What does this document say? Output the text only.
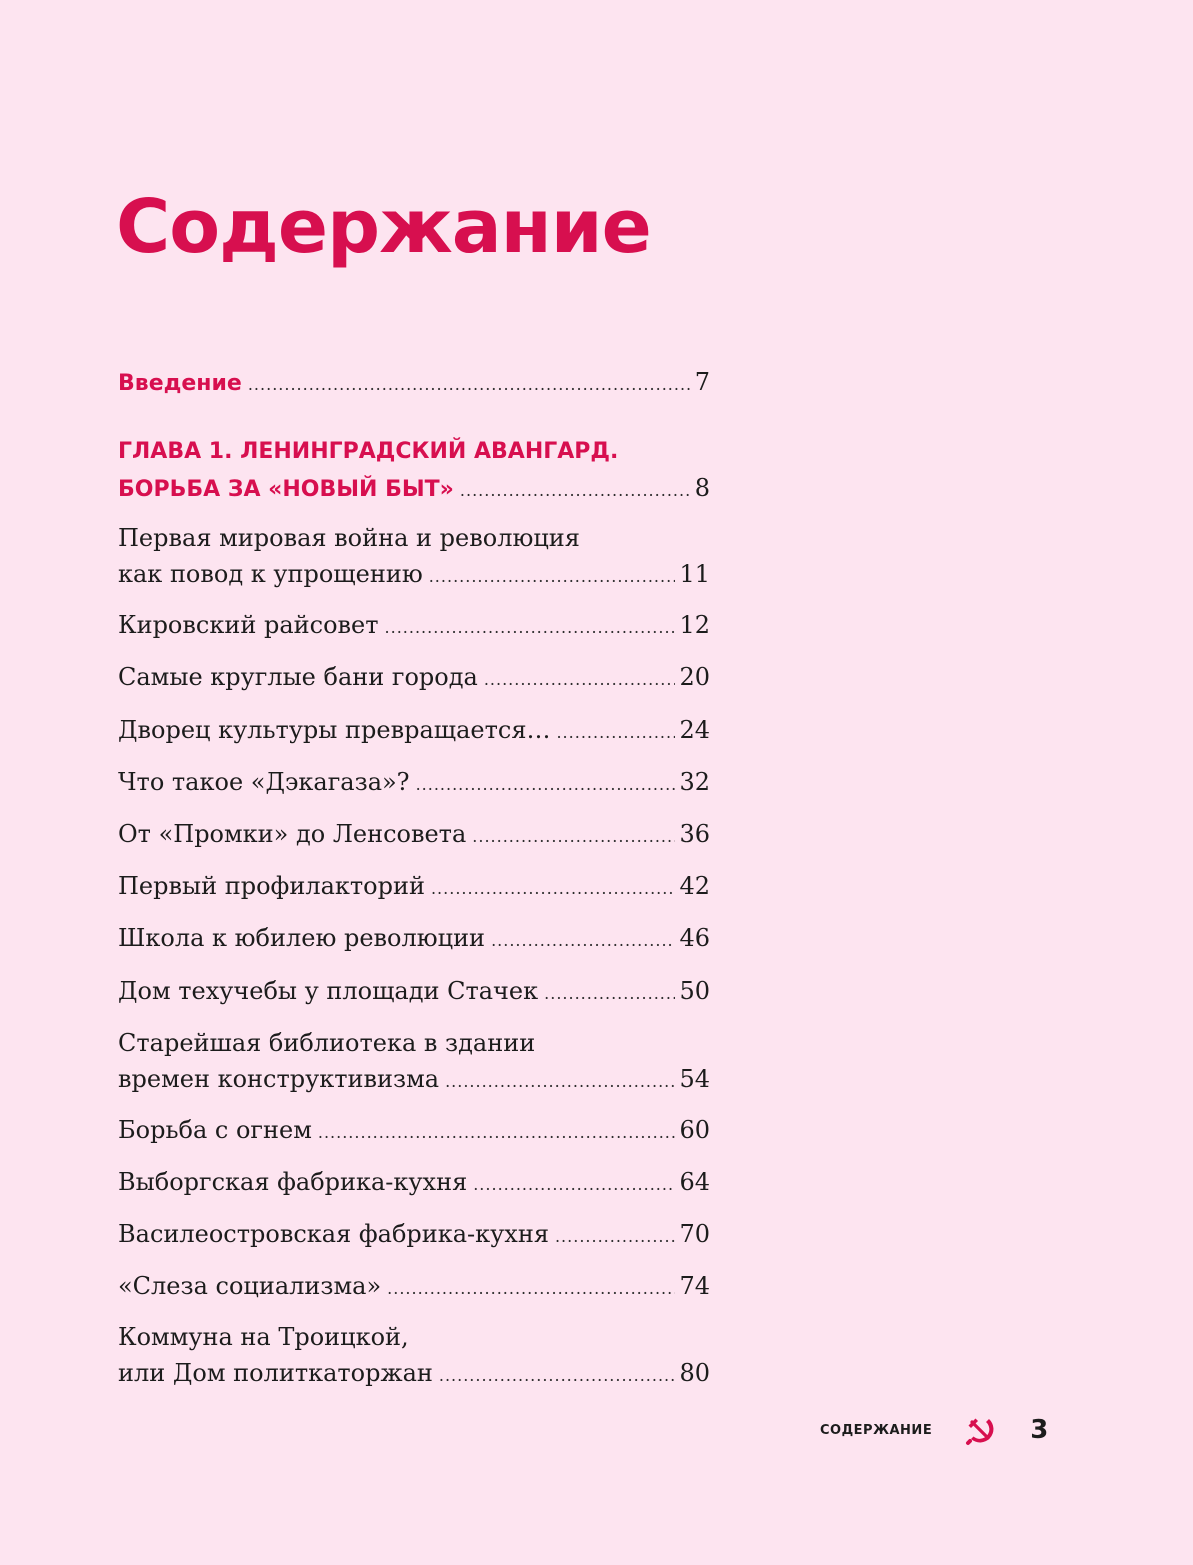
Содержание
Введение .....	7
ГЛАВА 1. ЛЕНИНГРАДСКИЙ АВАНГАРД.
БОРЬБА ЗА «НОВЫЙ БЫТ» .....	8
Первая мировая война и революция
как повод к упрощению .....	11
Кировский райсовет .....	12
Самые круглые бани города .....	20
Дворец культуры превращается… .....	24
Что такое «Дэкагаза»? .....	32
От «Промки» до Ленсовета .....	36
Первый профилакторий .....	42
Школа к юбилею революции .....	46
Дом техучебы у площади Стачек .....	50
Старейшая библиотека в здании
времен конструктивизма .....	54
Борьба с огнем .....	60
Выборгская фабрика-кухня .....	64
Василеостровская фабрика-кухня .....	70
«Слеза социализма» .....	74
Коммуна на Троицкой,
или Дом политкаторжан .....	80
СОДЕРЖАНИЕ	3
